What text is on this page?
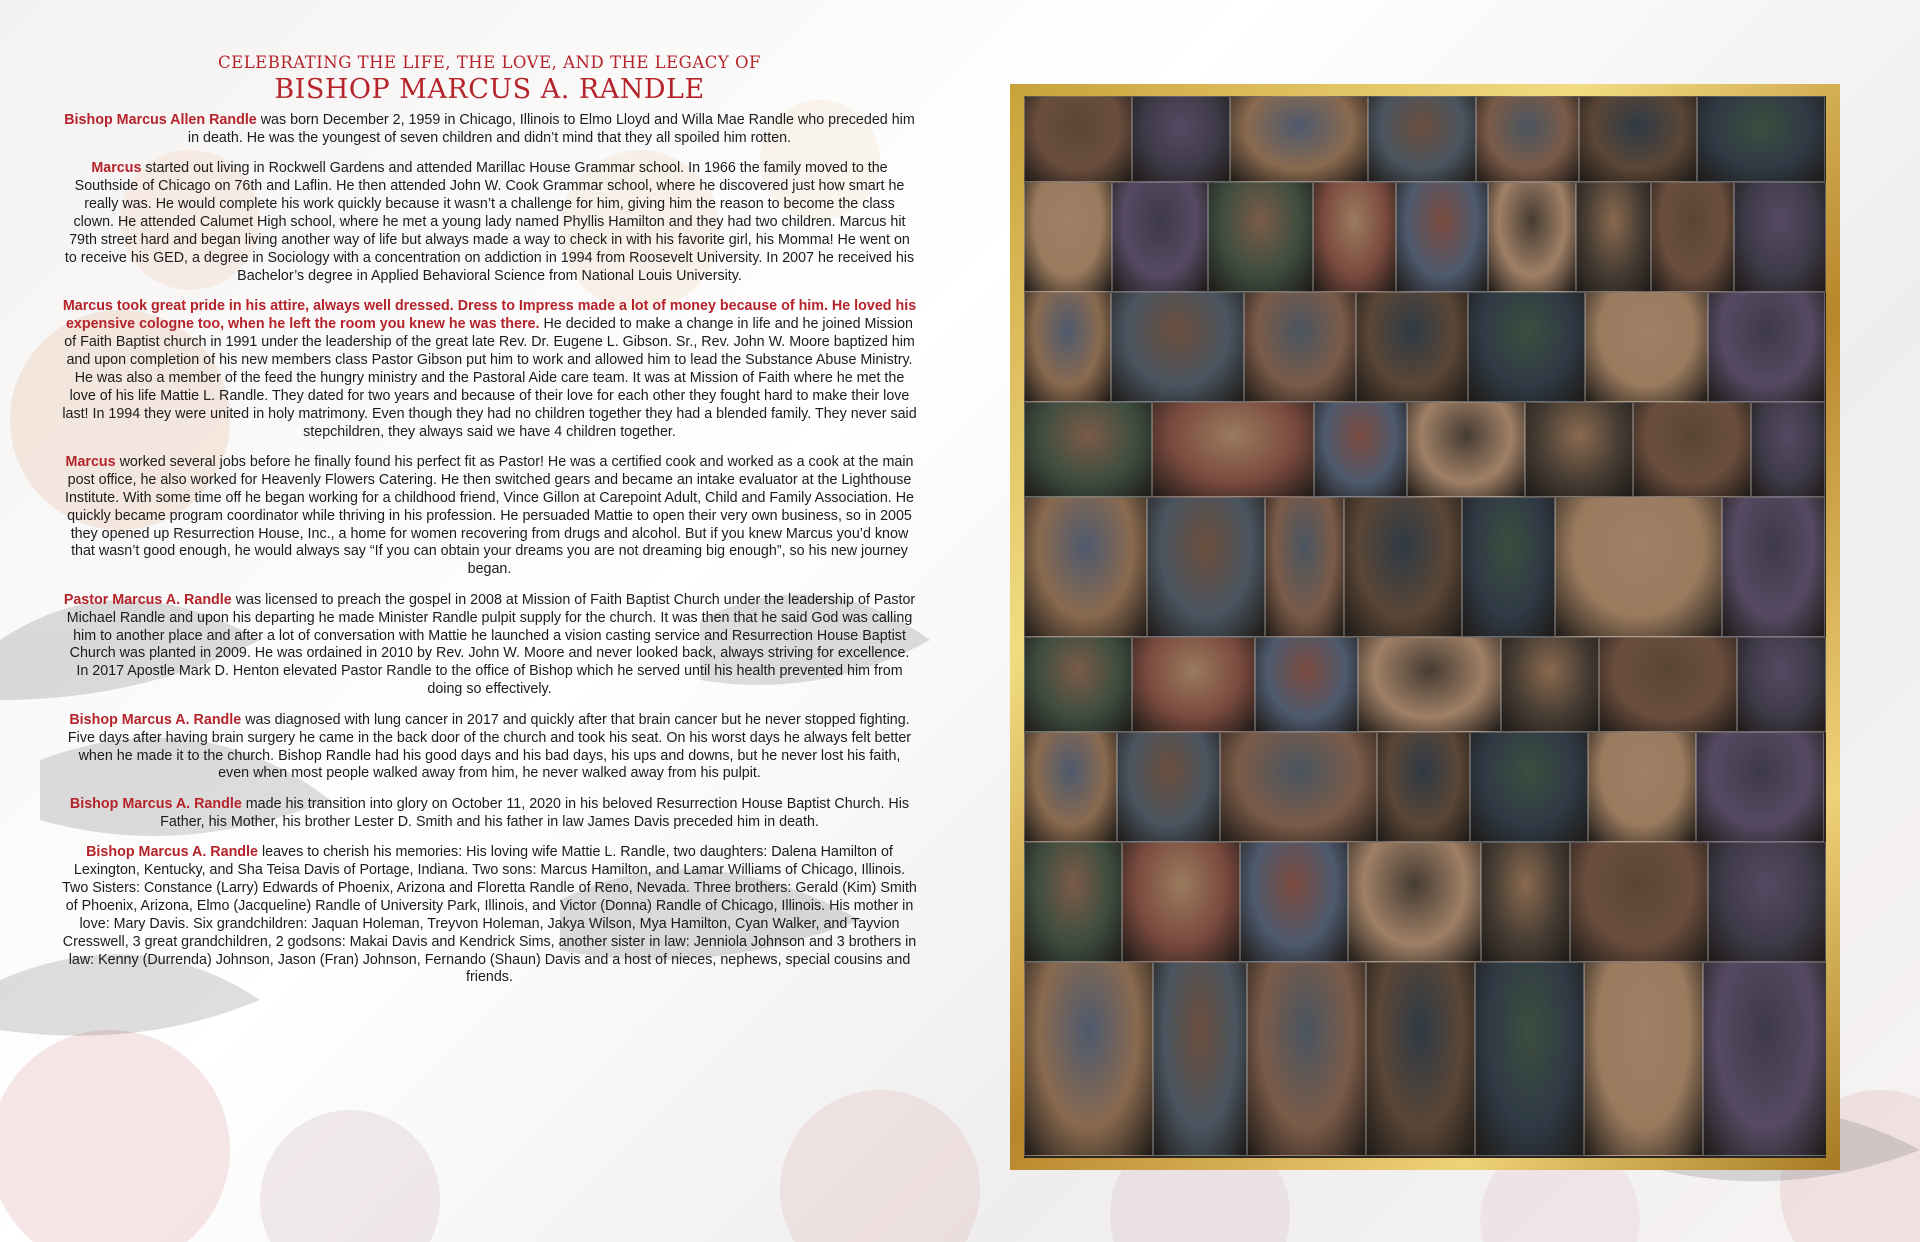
CELEBRATING THE LIFE, THE LOVE, AND THE LEGACY OF

BISHOP MARCUS A. RANDLE

Bishop Marcus Allen Randle was born December 2, 1959 in Chicago, Illinois to Elmo Lloyd and Willa Mae Randle who preceded him in death. He was the youngest of seven children and didn’t mind that they all spoiled him rotten.

Marcus started out living in Rockwell Gardens and attended Marillac House Grammar school. In 1966 the family moved to the Southside of Chicago on 76th and Laflin. He then attended John W. Cook Grammar school, where he discovered just how smart he really was. He would complete his work quickly because it wasn’t a challenge for him, giving him the reason to become the class clown. He attended Calumet High school, where he met a young lady named Phyllis Hamilton and they had two children. Marcus hit 79th street hard and began living another way of life but always made a way to check in with his favorite girl, his Momma! He went on to receive his GED, a degree in Sociology with a concentration on addiction in 1994 from Roosevelt University. In 2007 he received his Bachelor’s degree in Applied Behavioral Science from National Louis University.

Marcus took great pride in his attire, always well dressed. Dress to Impress made a lot of money because of him. He loved his expensive cologne too, when he left the room you knew he was there. He decided to make a change in life and he joined Mission of Faith Baptist church in 1991 under the leadership of the great late Rev. Dr. Eugene L. Gibson. Sr., Rev. John W. Moore baptized him and upon completion of his new members class Pastor Gibson put him to work and allowed him to lead the Substance Abuse Ministry. He was also a member of the feed the hungry ministry and the Pastoral Aide care team. It was at Mission of Faith where he met the love of his life Mattie L. Randle. They dated for two years and because of their love for each other they fought hard to make their love last! In 1994 they were united in holy matrimony. Even though they had no children together they had a blended family. They never said stepchildren, they always said we have 4 children together.

Marcus worked several jobs before he finally found his perfect fit as Pastor! He was a certified cook and worked as a cook at the main post office, he also worked for Heavenly Flowers Catering. He then switched gears and became an intake evaluator at the Lighthouse Institute. With some time off he began working for a childhood friend, Vince Gillon at Carepoint Adult, Child and Family Association. He quickly became program coordinator while thriving in his profession. He persuaded Mattie to open their very own business, so in 2005 they opened up Resurrection House, Inc., a home for women recovering from drugs and alcohol. But if you knew Marcus you’d know that wasn’t good enough, he would always say “If you can obtain your dreams you are not dreaming big enough”, so his new journey began.

Pastor Marcus A. Randle was licensed to preach the gospel in 2008 at Mission of Faith Baptist Church under the leadership of Pastor Michael Randle and upon his departing he made Minister Randle pulpit supply for the church. It was then that he said God was calling him to another place and after a lot of conversation with Mattie he launched a vision casting service and Resurrection House Baptist Church was planted in 2009. He was ordained in 2010 by Rev. John W. Moore and never looked back, always striving for excellence. In 2017 Apostle Mark D. Henton elevated Pastor Randle to the office of Bishop which he served until his health prevented him from doing so effectively.

Bishop Marcus A. Randle was diagnosed with lung cancer in 2017 and quickly after that brain cancer but he never stopped fighting. Five days after having brain surgery he came in the back door of the church and took his seat. On his worst days he always felt better when he made it to the church. Bishop Randle had his good days and his bad days, his ups and downs, but he never lost his faith, even when most people walked away from him, he never walked away from his pulpit.

Bishop Marcus A. Randle made his transition into glory on October 11, 2020 in his beloved Resurrection House Baptist Church. His Father, his Mother, his brother Lester D. Smith and his father in law James Davis preceded him in death.

Bishop Marcus A. Randle leaves to cherish his memories: His loving wife Mattie L. Randle, two daughters: Dalena Hamilton of Lexington, Kentucky, and Sha Teisa Davis of Portage, Indiana. Two sons: Marcus Hamilton, and Lamar Williams of Chicago, Illinois. Two Sisters: Constance (Larry) Edwards of Phoenix, Arizona and Floretta Randle of Reno, Nevada. Three brothers: Gerald (Kim) Smith of Phoenix, Arizona, Elmo (Jacqueline) Randle of University Park, Illinois, and Victor (Donna) Randle of Chicago, Illinois. His mother in love: Mary Davis. Six grandchildren: Jaquan Holeman, Treyvon Holeman, Jakya Wilson, Mya Hamilton, Cyan Walker, and Tayvion Cresswell, 3 great grandchildren, 2 godsons: Makai Davis and Kendrick Sims, another sister in law: Jenniola Johnson and 3 brothers in law: Kenny (Durrenda) Johnson, Jason (Fran) Johnson, Fernando (Shaun) Davis and a host of nieces, nephews, special cousins and friends.
